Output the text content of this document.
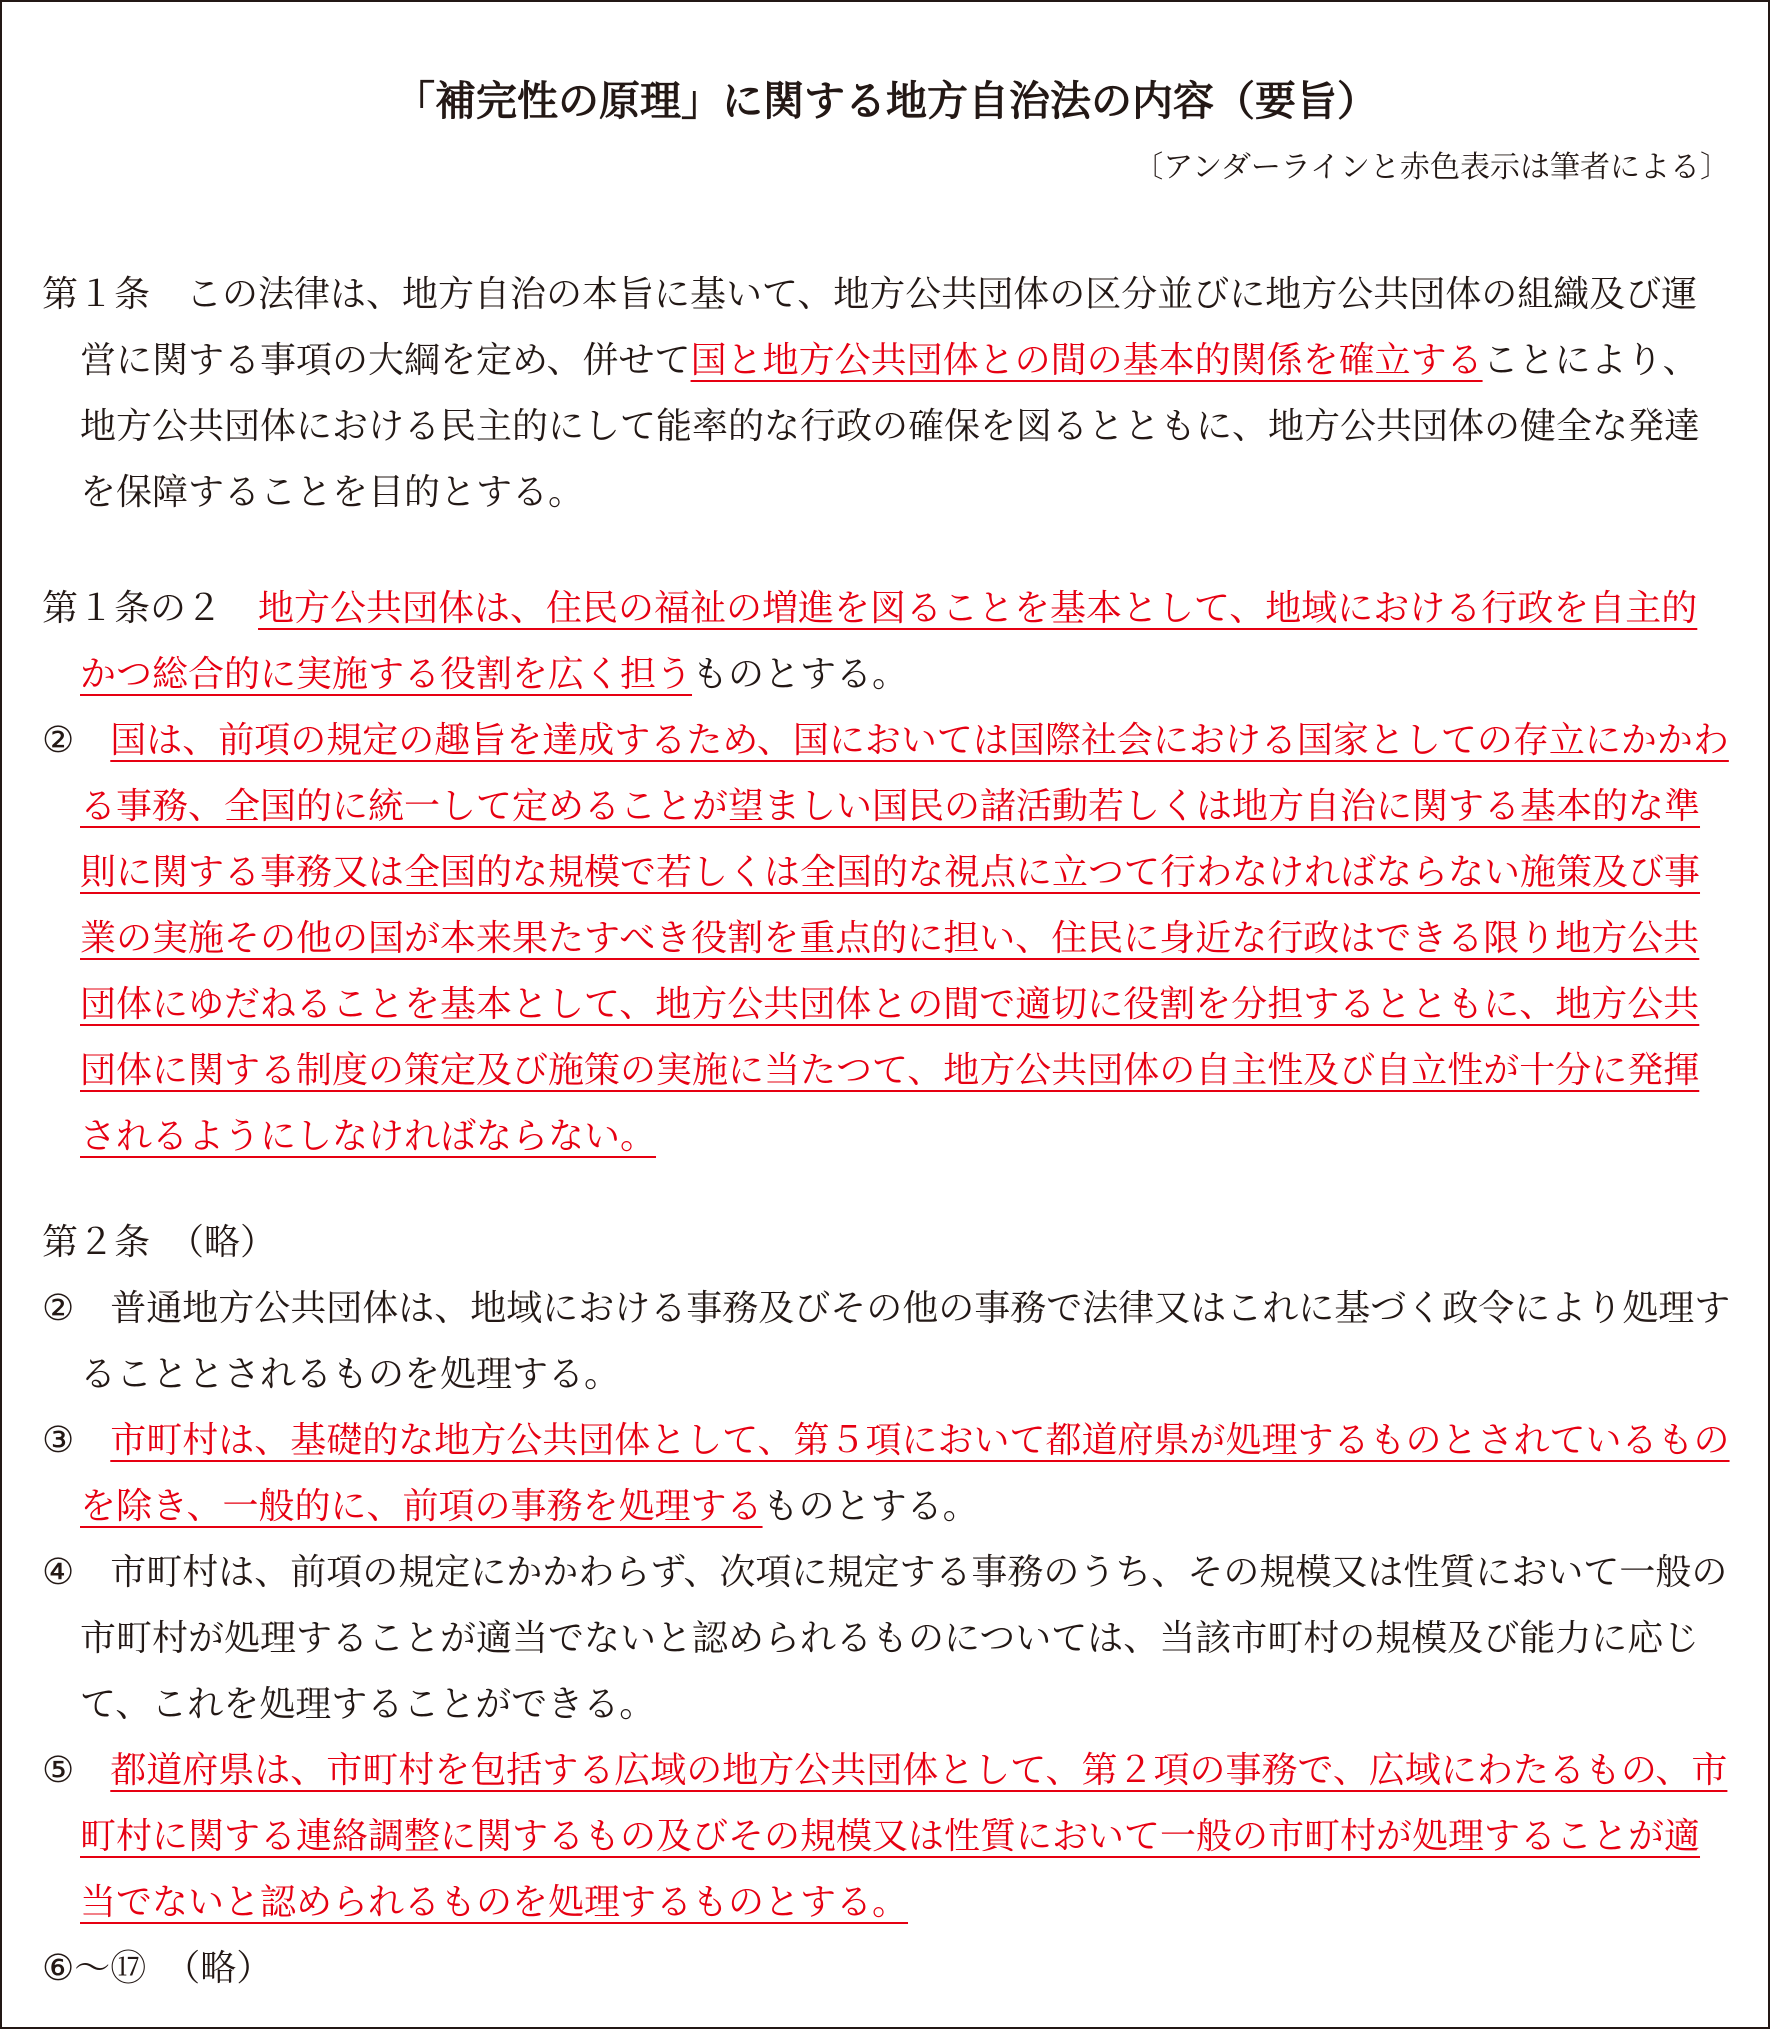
「補完性の原理」に関する地方自治法の内容（要旨）

〔アンダーラインと赤色表示は筆者による〕

第１条　この法律は、地方自治の本旨に基いて、地方公共団体の区分並びに地方公共団体の組織及び運営に関する事項の大綱を定め、併せて国と地方公共団体との間の基本的関係を確立することにより、地方公共団体における民主的にして能率的な行政の確保を図るとともに、地方公共団体の健全な発達を保障することを目的とする。

第１条の２　地方公共団体は、住民の福祉の増進を図ることを基本として、地域における行政を自主的かつ総合的に実施する役割を広く担うものとする。

②　国は、前項の規定の趣旨を達成するため、国においては国際社会における国家としての存立にかかわる事務、全国的に統一して定めることが望ましい国民の諸活動若しくは地方自治に関する基本的な準則に関する事務又は全国的な規模で若しくは全国的な視点に立つて行わなければならない施策及び事業の実施その他の国が本来果たすべき役割を重点的に担い、住民に身近な行政はできる限り地方公共団体にゆだねることを基本として、地方公共団体との間で適切に役割を分担するとともに、地方公共団体に関する制度の策定及び施策の実施に当たつて、地方公共団体の自主性及び自立性が十分に発揮されるようにしなければならない。

第２条　（略）

②　普通地方公共団体は、地域における事務及びその他の事務で法律又はこれに基づく政令により処理することとされるものを処理する。

③　市町村は、基礎的な地方公共団体として、第５項において都道府県が処理するものとされているものを除き、一般的に、前項の事務を処理するものとする。

④　市町村は、前項の規定にかかわらず、次項に規定する事務のうち、その規模又は性質において一般の市町村が処理することが適当でないと認められるものについては、当該市町村の規模及び能力に応じて、これを処理することができる。

⑤　都道府県は、市町村を包括する広域の地方公共団体として、第２項の事務で、広域にわたるもの、市町村に関する連絡調整に関するもの及びその規模又は性質において一般の市町村が処理することが適当でないと認められるものを処理するものとする。

⑥～⑰　（略）
